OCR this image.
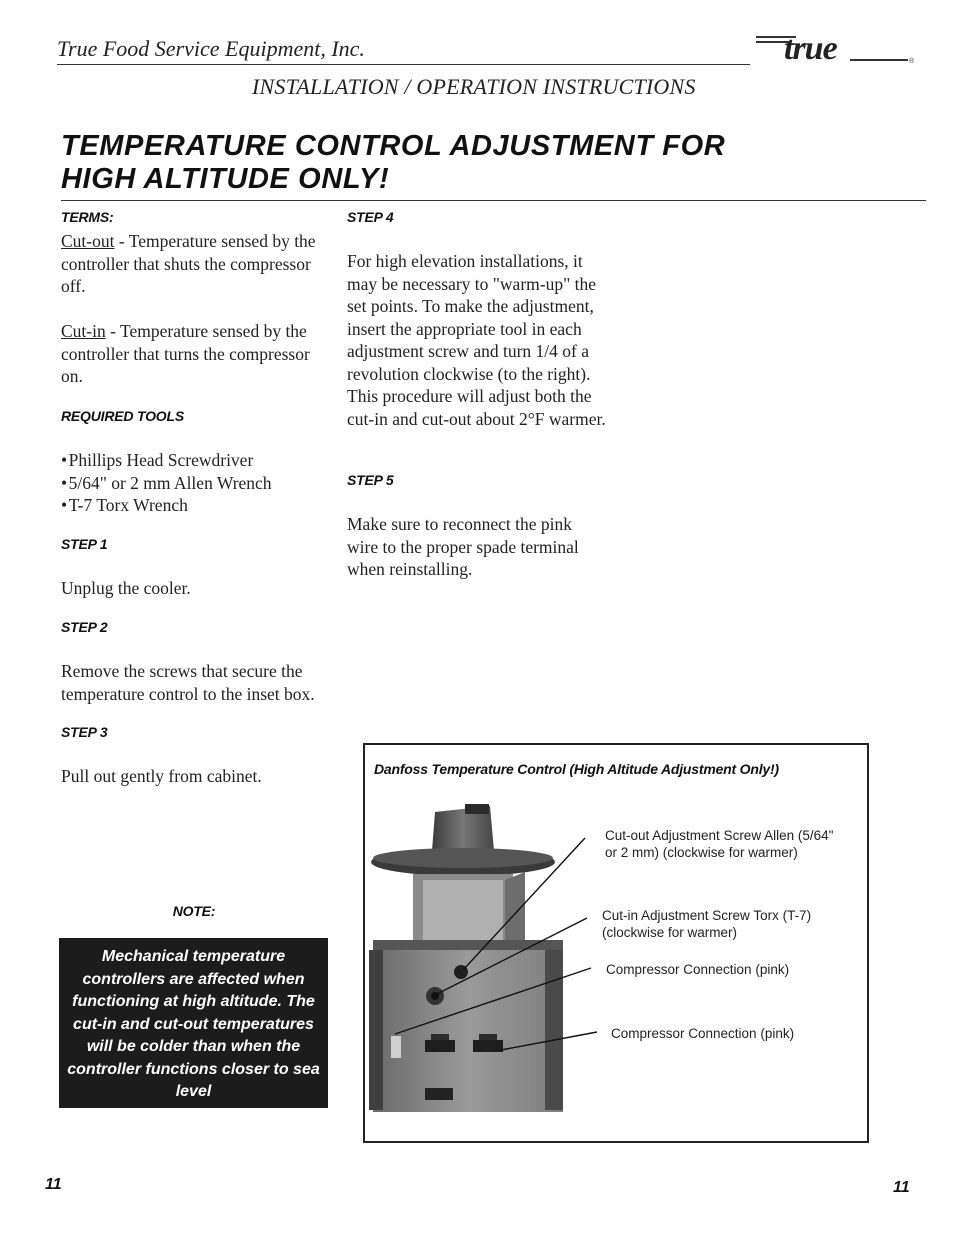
True Food Service Equipment, Inc.
INSTALLATION / OPERATION INSTRUCTIONS
true	®
TEMPERATURE CONTROL ADJUSTMENT FOR
HIGH ALTITUDE ONLY!
TERMS:
Cut-out - Temperature sensed by the controller that shuts the compressor off.
Cut-in - Temperature sensed by the controller that turns the compressor on.
REQUIRED TOOLS
• Phillips Head Screwdriver
• 5/64" or 2 mm Allen Wrench
• T-7 Torx Wrench
STEP 1
Unplug the cooler.
STEP 2
Remove the screws that secure the temperature control to the inset box.
STEP 3
Pull out gently from cabinet.
STEP 4
For high elevation installations, it may be necessary to "warm-up" the set points. To make the adjustment, insert the appropriate tool in each adjustment screw and turn 1/4 of a revolution clockwise (to the right). This procedure will adjust both the cut-in and cut-out about 2°F warmer.
STEP 5
Make sure to reconnect the pink wire to the proper spade terminal when reinstalling.
NOTE:
Mechanical temperature controllers are affected when functioning at high altitude. The cut-in and cut-out temperatures will be colder than when the controller functions closer to sea level
Danfoss Temperature Control (High Altitude Adjustment Only!)
Cut-out Adjustment Screw Allen (5/64"
or 2 mm) (clockwise for warmer)
Cut-in Adjustment Screw Torx (T-7)
(clockwise for warmer)
Compressor Connection (pink)
Compressor Connection (pink)
11	11
